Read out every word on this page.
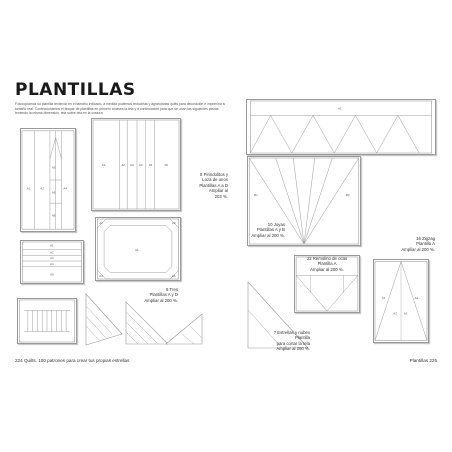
PLANTILLAS
Fotocopiamos su plantilla teniendo en el tamaño indicado, a medida podemos reducirlas y agrandarlas quilts para decoración e imprimirlo a tamaño real. Confeccionamos el bloque de plantillas en primero a bases la tela y a continuación para que se unan las siguientes piezas teniendo la misma dimensión, tela sobre tela en la costura.
A1	A2
A3
A4
A5
A6
A1	A2 A3 A4 A5	A6
8 Pirindolitos y
Loza de unos
Plantillas A a D
Ampliar al
203 %.
A1
A2
A3
A4
A5
A1
A2	A3
A4	A5
8 Tres
Plantillas A y D
Ampliar al 200 %.
224 Quilts. 100 patrones para crear tus propias estrellas
A1
B1	B2
10 Joyas
Plantillas A y B
Ampliar al 200 %.
16 Zigzag
Plantilla A
Ampliar al 200 %.
22 Remolino de ocas
Plantilla A
Ampliar al 200 %.
A1	A4
A2 A3
7 Estrellas y nubes
Plantilla
para cortar la tela
Ampliar al 200 %.
Plantillas 225
